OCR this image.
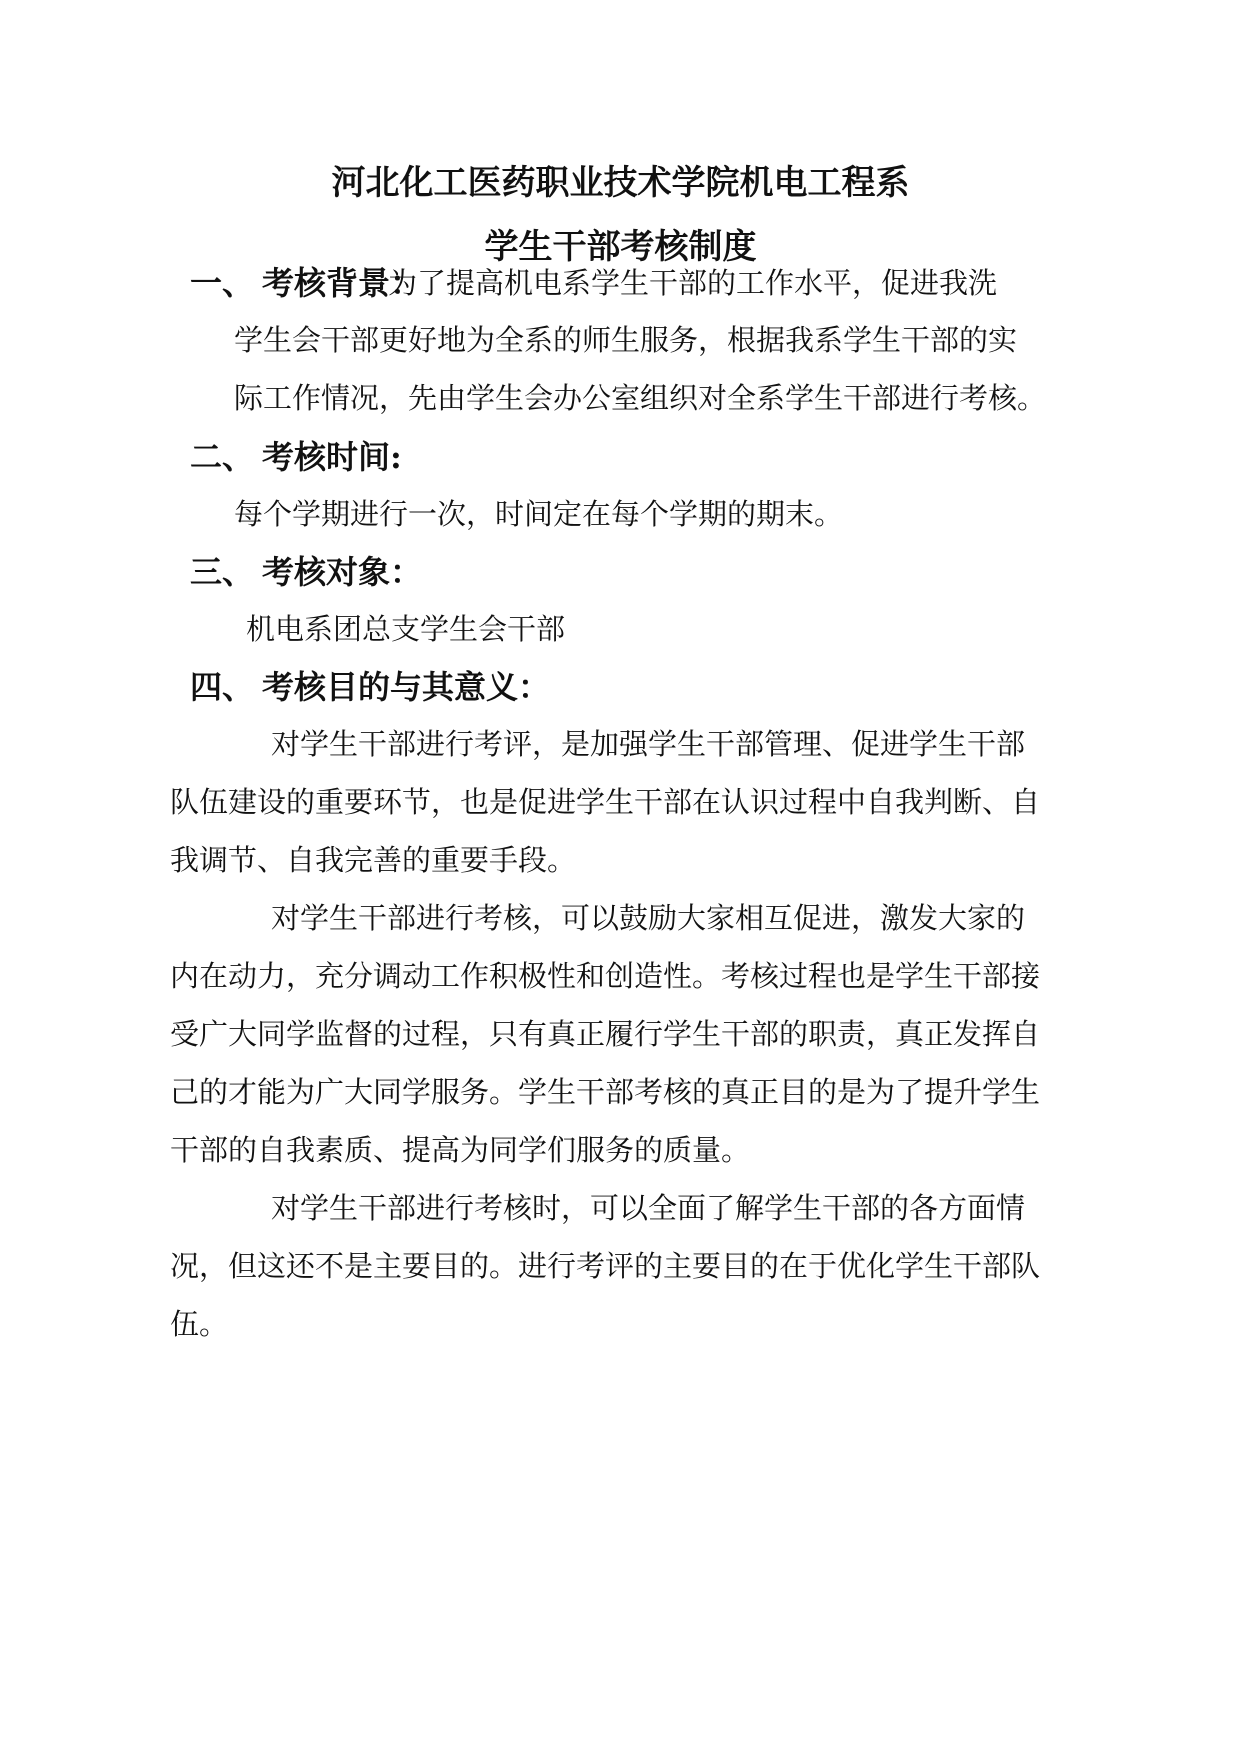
河北化工医药职业技术学院机电工程系
学生干部考核制度
一、 考核背景：
为了提高机电系学生干部的工作水平，促进我洗
学生会干部更好地为全系的师生服务，根据我系学生干部的实
际工作情况，先由学生会办公室组织对全系学生干部进行考核。
二、 考核时间:
每个学期进行一次，时间定在每个学期的期末。
三、 考核对象：
机电系团总支学生会干部
四、 考核目的与其意义：
对学生干部进行考评，是加强学生干部管理、促进学生干部
队伍建设的重要环节，也是促进学生干部在认识过程中自我判断、自
我调节、自我完善的重要手段。
对学生干部进行考核，可以鼓励大家相互促进，激发大家的
内在动力，充分调动工作积极性和创造性。考核过程也是学生干部接
受广大同学监督的过程，只有真正履行学生干部的职责，真正发挥自
己的才能为广大同学服务。学生干部考核的真正目的是为了提升学生
干部的自我素质、提高为同学们服务的质量。
对学生干部进行考核时，可以全面了解学生干部的各方面情
况，但这还不是主要目的。进行考评的主要目的在于优化学生干部队
伍。
